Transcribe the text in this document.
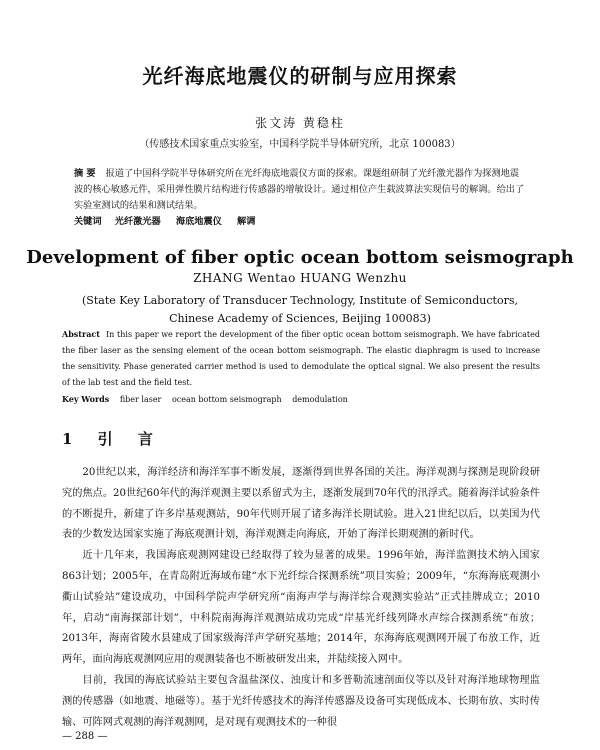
光纤海底地震仪的研制与应用探索
张文涛 黄稳柱
（传感技术国家重点实验室，中国科学院半导体研究所，北京 100083）
摘 要 报道了中国科学院半导体研究所在光纤海底地震仪方面的探索。课题组研制了光纤激光器作为探测地震波的核心敏感元件，采用弹性膜片结构进行传感器的增敏设计。通过相位产生载波算法实现信号的解调。给出了实验室测试的结果和测试结果。
关键词 光纤激光器 海底地震仪 解调
Development of fiber optic ocean bottom seismograph
ZHANG Wentao HUANG Wenzhu
(State Key Laboratory of Transducer Technology, Institute of Semiconductors,
Chinese Academy of Sciences, Beijing 100083)
Abstract In this paper we report the development of the fiber optic ocean bottom seismograph. We have fabricated the fiber laser as the sensing element of the ocean bottom seismograph. The elastic diaphragm is used to increase the sensitivity. Phase generated carrier method is used to demodulate the optical signal. We also present the results of the lab test and the field test.
Key Words fiber laser ocean bottom seismograph demodulation
1 引 言

20世纪以来，海洋经济和海洋军事不断发展，逐渐得到世界各国的关注。海洋观测与探测是现阶段研究的焦点。20世纪60年代的海洋观测主要以系留式为主，逐渐发展到70年代的汛浮式。随着海洋试验条件的不断提升，新建了许多岸基观测站，90年代则开展了诸多海洋长期试验。进入21世纪以后，以美国为代表的少数发达国家实施了海底观测计划，海洋观测走向海底，开始了海洋长期观测的新时代。

近十几年来，我国海底观测网建设已经取得了较为显著的成果。1996年始，海洋监测技术纳入国家863计划；2005年，在青岛附近海域布建“水下光纤综合探测系统”项目实验；2009年，“东海海底观测小衢山试验站”建设成功，中国科学院声学研究所“南海声学与海洋综合观测实验站”正式挂牌成立；2010年，启动“南海探部计划”，中科院南海海洋观测站成功完成“岸基光纤线列降水声综合探测系统”布放；2013年，海南省陵水县建成了国家级海洋声学研究基地；2014年，东海海底观测网开展了布放工作，近两年，面向海底观测网应用的观测装备也不断被研发出来，并陆续接入网中。

目前，我国的海底试验站主要包含温盐深仪、浊度计和多普勒流速剖面仪等以及针对海洋地球物理监测的传感器（如地震、地磁等）。基于光纤传感技术的海洋传感器及设备可实现低成本、长期布放、实时传输、可阵网式观测的海洋观测网，是对现有观测技术的一种很

— 288 —
